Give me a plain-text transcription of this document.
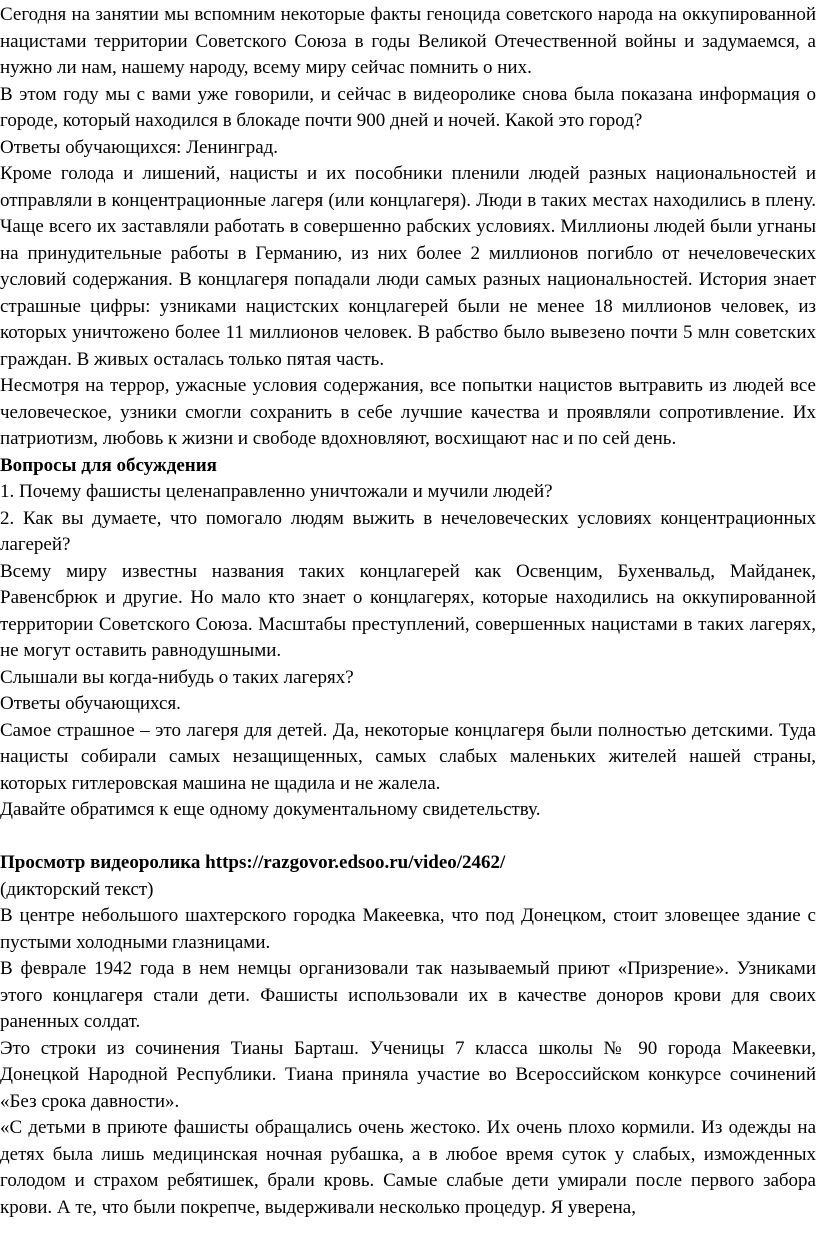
Сегодня на занятии мы вспомним некоторые факты геноцида советского народа на оккупированной нацистами территории Советского Союза в годы Великой Отечественной войны и задумаемся, а нужно ли нам, нашему народу, всему миру сейчас помнить о них.

В этом году мы с вами уже говорили, и сейчас в видеоролике снова была показана информация о городе, который находился в блокаде почти 900 дней и ночей. Какой это город?

Ответы обучающихся: Ленинград.

Кроме голода и лишений, нацисты и их пособники пленили людей разных национальностей и отправляли в концентрационные лагеря (или концлагеря). Люди в таких местах находились в плену. Чаще всего их заставляли работать в совершенно рабских условиях. Миллионы людей были угнаны на принудительные работы в Германию, из них более 2 миллионов погибло от нечеловеческих условий содержания. В концлагеря попадали люди самых разных национальностей. История знает страшные цифры: узниками нацистских концлагерей были не менее 18 миллионов человек, из которых уничтожено более 11 миллионов человек. В рабство было вывезено почти 5 млн советских граждан. В живых осталась только пятая часть.

Несмотря на террор, ужасные условия содержания, все попытки нацистов вытравить из людей все человеческое, узники смогли сохранить в себе лучшие качества и проявляли сопротивление. Их патриотизм, любовь к жизни и свободе вдохновляют, восхищают нас и по сей день.

Вопросы для обсуждения

1. Почему фашисты целенаправленно уничтожали и мучили людей?

2. Как вы думаете, что помогало людям выжить в нечеловеческих условиях концентрационных лагерей?

Всему миру известны названия таких концлагерей как Освенцим, Бухенвальд, Майданек, Равенсбрюк и другие. Но мало кто знает о концлагерях, которые находились на оккупированной территории Советского Союза. Масштабы преступлений, совершенных нацистами в таких лагерях, не могут оставить равнодушными.

Слышали вы когда-нибудь о таких лагерях?

Ответы обучающихся.

Самое страшное – это лагеря для детей. Да, некоторые концлагеря были полностью детскими. Туда нацисты собирали самых незащищенных, самых слабых маленьких жителей нашей страны, которых гитлеровская машина не щадила и не жалела.

Давайте обратимся к еще одному документальному свидетельству.

Просмотр видеоролика https://razgovor.edsoo.ru/video/2462/

(дикторский текст)

В центре небольшого шахтерского городка Макеевка, что под Донецком, стоит зловещее здание с пустыми холодными глазницами.

В феврале 1942 года в нем немцы организовали так называемый приют «Призрение». Узниками этого концлагеря стали дети. Фашисты использовали их в качестве доноров крови для своих раненных солдат.

Это строки из сочинения Тианы Барташ. Ученицы 7 класса школы № 90 города Макеевки, Донецкой Народной Республики. Тиана приняла участие во Всероссийском конкурсе сочинений «Без срока давности».

«С детьми в приюте фашисты обращались очень жестоко. Их очень плохо кормили. Из одежды на детях была лишь медицинская ночная рубашка, а в любое время суток у слабых, изможденных голодом и страхом ребятишек, брали кровь. Самые слабые дети умирали после первого забора крови. А те, что были покрепче, выдерживали несколько процедур. Я уверена,
